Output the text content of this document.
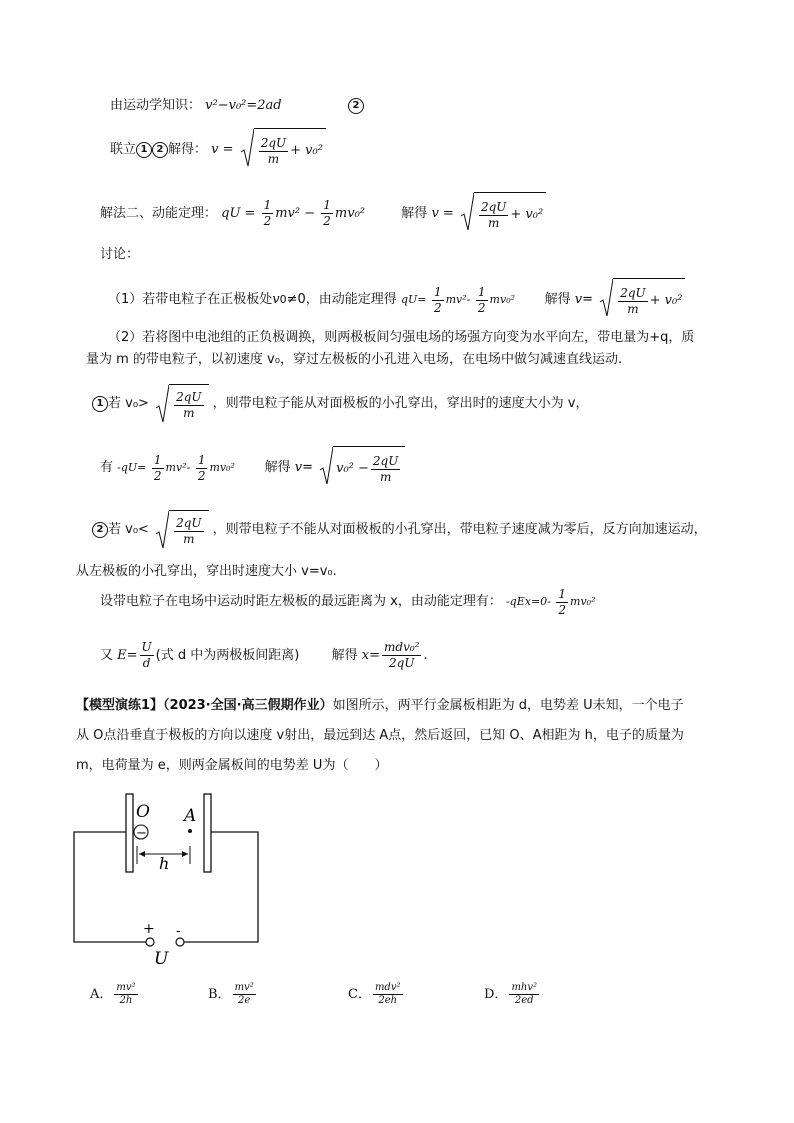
由运动学知识： v²−v₀²=2ad	2
联立 1 2 解得： $v = \frac{2qU}{m} + v_0^2$
解法二、动能定理： qU = $\frac{1}{2} mv^2 - \frac{1}{2} mv_0^2$  解得 $v = \frac{2qU}{m} + v_0^2$
讨论：
（1）若带电粒子在正极板处v0≠0，由动能定理得 $qU= \frac{1}{2} mv^2- \frac{1}{2} mv_0^2$  解得 $v= \frac{2qU}{m} + v_0^2$
（2）若将图中电池组的正负极调换，则两极板间匀强电场的场强方向变为水平向左，带电量为+q，质
量为 m 的带电粒子，以初速度 v₀，穿过左极板的小孔进入电场，在电场中做匀减速直线运动.
1 若 $v_0> \frac{2qU}{m}$ ，则带电粒子能从对面极板的小孔穿出，穿出时的速度大小为 v，
有 $-qU= \frac{1}{2} mv^2- \frac{1}{2} mv_0^2$  解得 $v= v_0^2 - \frac{2qU}{m}$
2 若 $v_0< \frac{2qU}{m}$ ，则带电粒子不能从对面极板的小孔穿出，带电粒子速度减为零后，反方向加速运动，
从左极板的小孔穿出，穿出时速度大小 v=v₀.
设带电粒子在电场中运动时距左极板的最远距离为 x，由动能定理有： $-qEx=0- \frac{1}{2} mv_0^2$
又 $E= \frac{U}{d}$ (式 d 中为两极板间距离) 解得 $x= \frac{\text{mdv₀²}}{2qU}$ .
【模型演练1】（2023·全国·高三假期作业）如图所示，两平行金属板相距为 d，电势差 U未知，一个电子
从 O点沿垂直于极板的方向以速度 v射出，最远到达 A点，然后返回，已知 O、A相距为 h，电子的质量为
m，电荷量为 e，则两金属板间的电势差 U为（　　）
+ -
U
O
−
A
h
A． $\frac{\text{mv²}}{2h}$	B． $\frac{\text{mv²}}{2e}$	C． $\frac{\text{mdv²}}{2eh}$	D． $\frac{\text{mhv²}}{2ed}$
